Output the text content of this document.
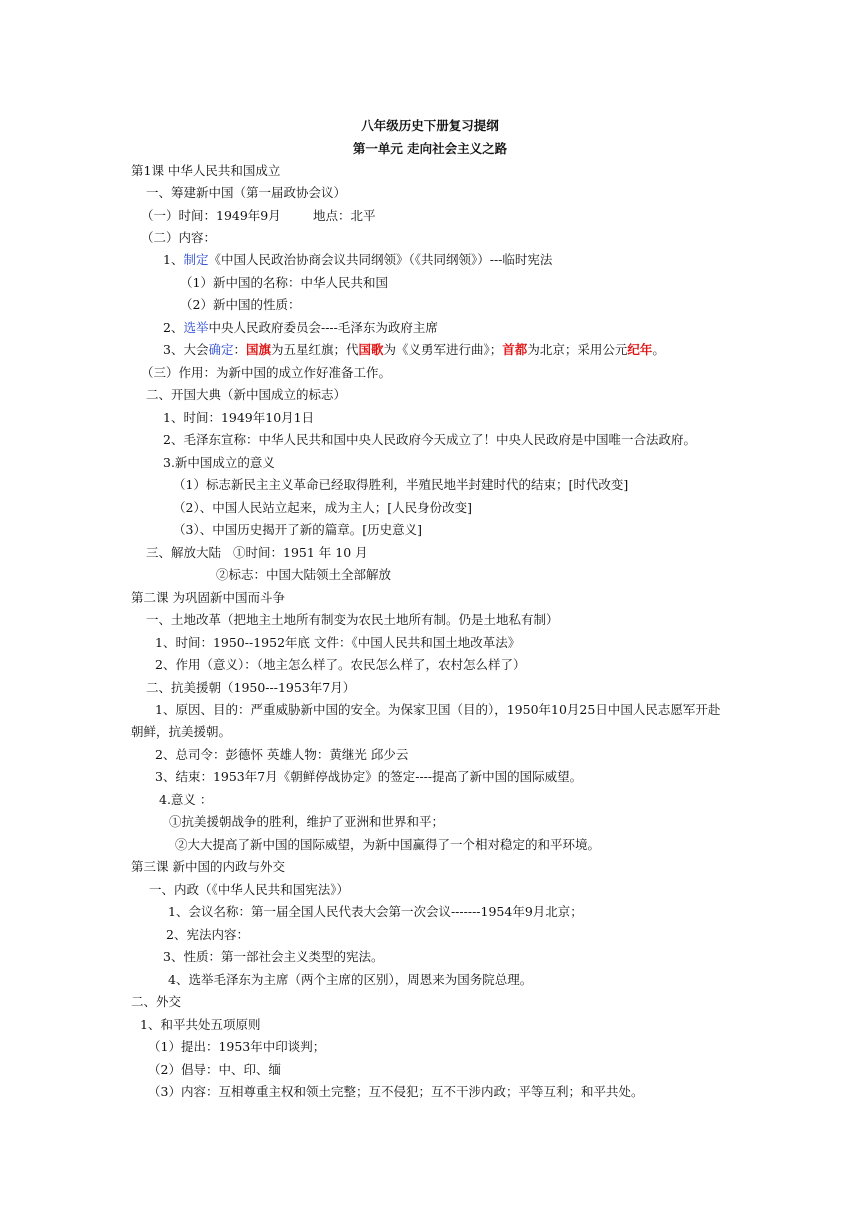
八年级历史下册复习提纲
第一单元 走向社会主义之路
第1课 中华人民共和国成立
一、筹建新中国（第一届政协会议）
（一）时间：1949年9月	地点：北平
（二）内容：
1、制定《中国人民政治协商会议共同纲领》（《共同纲领》）---临时宪法
（1）新中国的名称：中华人民共和国
（2）新中国的性质：
2、选举中央人民政府委员会----毛泽东为政府主席
3、大会确定：国旗为五星红旗；代国歌为《义勇军进行曲》；首都为北京；采用公元纪年。
（三）作用：为新中国的成立作好准备工作。
二、开国大典（新中国成立的标志）
1、时间：1949年10月1日
2、毛泽东宣称：中华人民共和国中央人民政府今天成立了！中央人民政府是中国唯一合法政府。
3.新中国成立的意义
（1）标志新民主主义革命已经取得胜利，半殖民地半封建时代的结束；[时代改变]
（2）、中国人民站立起来，成为主人；[人民身份改变]
（3）、中国历史揭开了新的篇章。[历史意义]
三、解放大陆 ①时间：1951 年 10 月
②标志：中国大陆领土全部解放
第二课 为巩固新中国而斗争
一、土地改革（把地主土地所有制变为农民土地所有制。仍是土地私有制）
1、时间：1950--1952年底 文件：《中国人民共和国土地改革法》
2、作用（意义）：（地主怎么样了。农民怎么样了，农村怎么样了）
二、抗美援朝（1950---1953年7月）
1、原因、目的：严重威胁新中国的安全。为保家卫国（目的），1950年10月25日中国人民志愿军开赴
朝鲜，抗美援朝。
2、总司令：彭德怀 英雄人物：黄继光 邱少云
3、结束：1953年7月《朝鲜停战协定》的签定----提高了新中国的国际威望。
4.意义 ：
①抗美援朝战争的胜利，维护了亚洲和世界和平；
②大大提高了新中国的国际威望，为新中国赢得了一个相对稳定的和平环境。
第三课 新中国的内政与外交
一、内政（《中华人民共和国宪法》）
1、会议名称：第一届全国人民代表大会第一次会议-------1954年9月北京；
2、宪法内容：
3、性质：第一部社会主义类型的宪法。
4、选举毛泽东为主席（两个主席的区别），周恩来为国务院总理。
二、外交
1、和平共处五项原则
（1）提出：1953年中印谈判；
（2）倡导：中、印、缅
（3）内容：互相尊重主权和领土完整；互不侵犯；互不干涉内政；平等互利；和平共处。
